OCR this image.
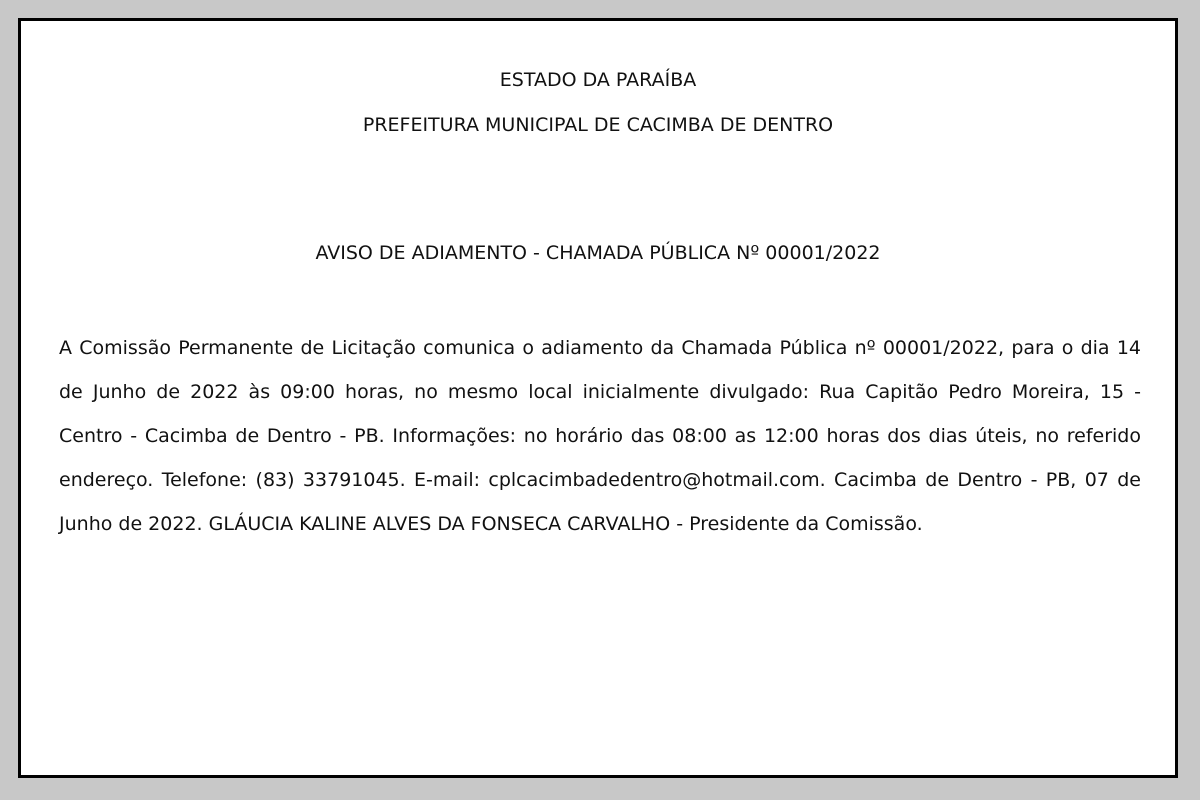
ESTADO DA PARAÍBA
PREFEITURA MUNICIPAL DE CACIMBA DE DENTRO
AVISO DE ADIAMENTO - CHAMADA PÚBLICA Nº 00001/2022
A Comissão Permanente de Licitação comunica o adiamento da Chamada Pública nº 00001/2022, para o dia 14 de Junho de 2022 às 09:00 horas, no mesmo local inicialmente divulgado: Rua Capitão Pedro Moreira, 15 - Centro - Cacimba de Dentro - PB. Informações: no horário das 08:00 as 12:00 horas dos dias úteis, no referido endereço. Telefone: (83) 33791045. E-mail: cplcacimbadedentro@hotmail.com. Cacimba de Dentro - PB, 07 de Junho de 2022. GLÁUCIA KALINE ALVES DA FONSECA CARVALHO - Presidente da Comissão.
